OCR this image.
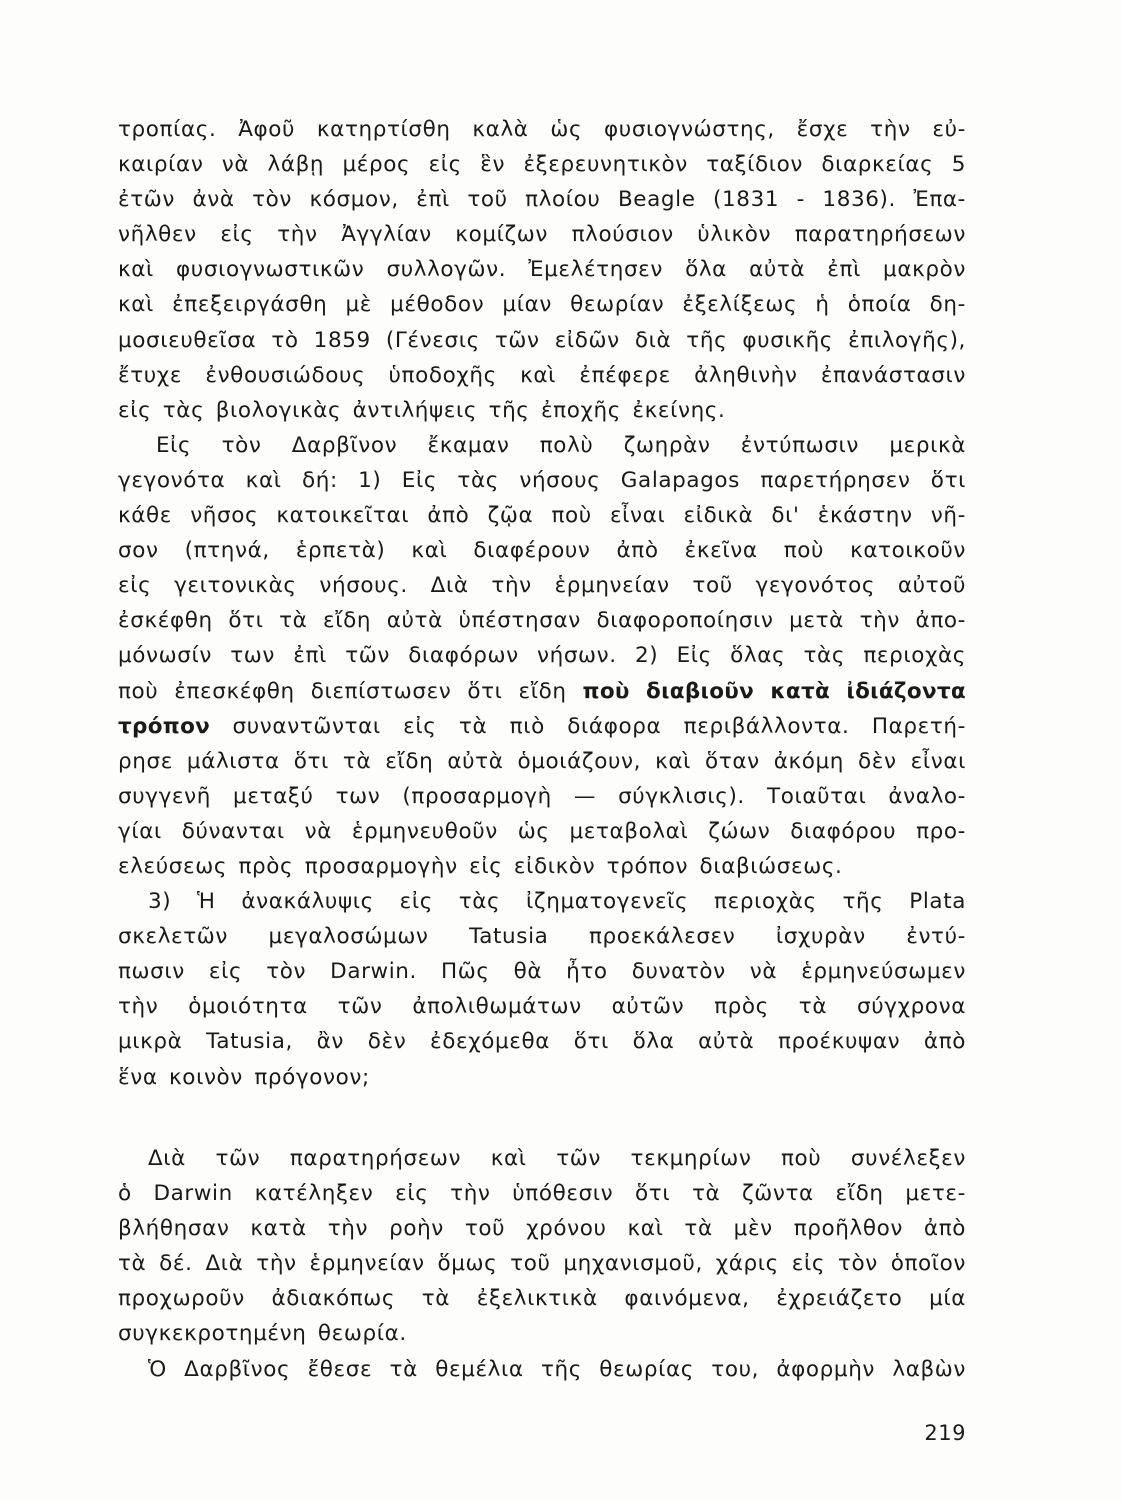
τροπίας. Ἀφοῦ κατηρτίσθη καλὰ ὡς φυσιογνώστης, ἔσχε τὴν εὐ-
καιρίαν νὰ λάβῃ μέρος εἰς ἓν ἐξερευνητικὸν ταξίδιον διαρκείας 5
ἐτῶν ἀνὰ τὸν κόσμον, ἐπὶ τοῦ πλοίου Beagle (1831 - 1836). Ἐπα-
νῆλθεν εἰς τὴν Ἀγγλίαν κομίζων πλούσιον ὑλικὸν παρατηρήσεων
καὶ φυσιογνωστικῶν συλλογῶν. Ἐμελέτησεν ὅλα αὐτὰ ἐπὶ μακρὸν
καὶ ἐπεξειργάσθη μὲ μέθοδον μίαν θεωρίαν ἐξελίξεως ἡ ὁποία δη-
μοσιευθεῖσα τὸ 1859 (Γένεσις τῶν εἰδῶν διὰ τῆς φυσικῆς ἐπιλογῆς),
ἔτυχε ἐνθουσιώδους ὑποδοχῆς καὶ ἐπέφερε ἀληθινὴν ἐπανάστασιν
εἰς τὰς βιολογικὰς ἀντιλήψεις τῆς ἐποχῆς ἐκείνης.
Εἰς τὸν Δαρβῖνον ἔκαμαν πολὺ ζωηρὰν ἐντύπωσιν μερικὰ
γεγονότα καὶ δή: 1) Εἰς τὰς νήσους Galapagos παρετήρησεν ὅτι
κάθε νῆσος κατοικεῖται ἀπὸ ζῷα ποὺ εἶναι εἰδικὰ δι' ἑκάστην νῆ-
σον (πτηνά, ἑρπετὰ) καὶ διαφέρουν ἀπὸ ἐκεῖνα ποὺ κατοικοῦν
εἰς γειτονικὰς νήσους. Διὰ τὴν ἑρμηνείαν τοῦ γεγονότος αὐτοῦ
ἐσκέφθη ὅτι τὰ εἴδη αὐτὰ ὑπέστησαν διαφοροποίησιν μετὰ τὴν ἀπο-
μόνωσίν των ἐπὶ τῶν διαφόρων νήσων. 2) Εἰς ὅλας τὰς περιοχὰς
ποὺ ἐπεσκέφθη διεπίστωσεν ὅτι εἴδη ποὺ διαβιοῦν κατὰ ἰδιάζοντα
τρόπον συναντῶνται εἰς τὰ πιὸ διάφορα περιβάλλοντα. Παρετή-
ρησε μάλιστα ὅτι τὰ εἴδη αὐτὰ ὁμοιάζουν, καὶ ὅταν ἀκόμη δὲν εἶναι
συγγενῆ μεταξύ των (προσαρμογὴ — σύγκλισις). Τοιαῦται ἀναλο-
γίαι δύνανται νὰ ἑρμηνευθοῦν ὡς μεταβολαὶ ζώων διαφόρου προ-
ελεύσεως πρὸς προσαρμογὴν εἰς εἰδικὸν τρόπον διαβιώσεως.
3) Ἡ ἀνακάλυψις εἰς τὰς ἰζηματογενεῖς περιοχὰς τῆς Plata
σκελετῶν μεγαλοσώμων Tatusia προεκάλεσεν ἰσχυρὰν ἐντύ-
πωσιν εἰς τὸν Darwin. Πῶς θὰ ἦτο δυνατὸν νὰ ἑρμηνεύσωμεν
τὴν ὁμοιότητα τῶν ἀπολιθωμάτων αὐτῶν πρὸς τὰ σύγχρονα
μικρὰ Tatusia, ἂν δὲν ἐδεχόμεθα ὅτι ὅλα αὐτὰ προέκυψαν ἀπὸ
ἕνα κοινὸν πρόγονον;
Διὰ τῶν παρατηρήσεων καὶ τῶν τεκμηρίων ποὺ συνέλεξεν
ὁ Darwin κατέληξεν εἰς τὴν ὑπόθεσιν ὅτι τὰ ζῶντα εἴδη μετε-
βλήθησαν κατὰ τὴν ροὴν τοῦ χρόνου καὶ τὰ μὲν προῆλθον ἀπὸ
τὰ δέ. Διὰ τὴν ἑρμηνείαν ὅμως τοῦ μηχανισμοῦ, χάρις εἰς τὸν ὁποῖον
προχωροῦν ἀδιακόπως τὰ ἐξελικτικὰ φαινόμενα, ἐχρειάζετο μία
συγκεκροτημένη θεωρία.
Ὁ Δαρβῖνος ἔθεσε τὰ θεμέλια τῆς θεωρίας του, ἀφορμὴν λαβὼν
219
